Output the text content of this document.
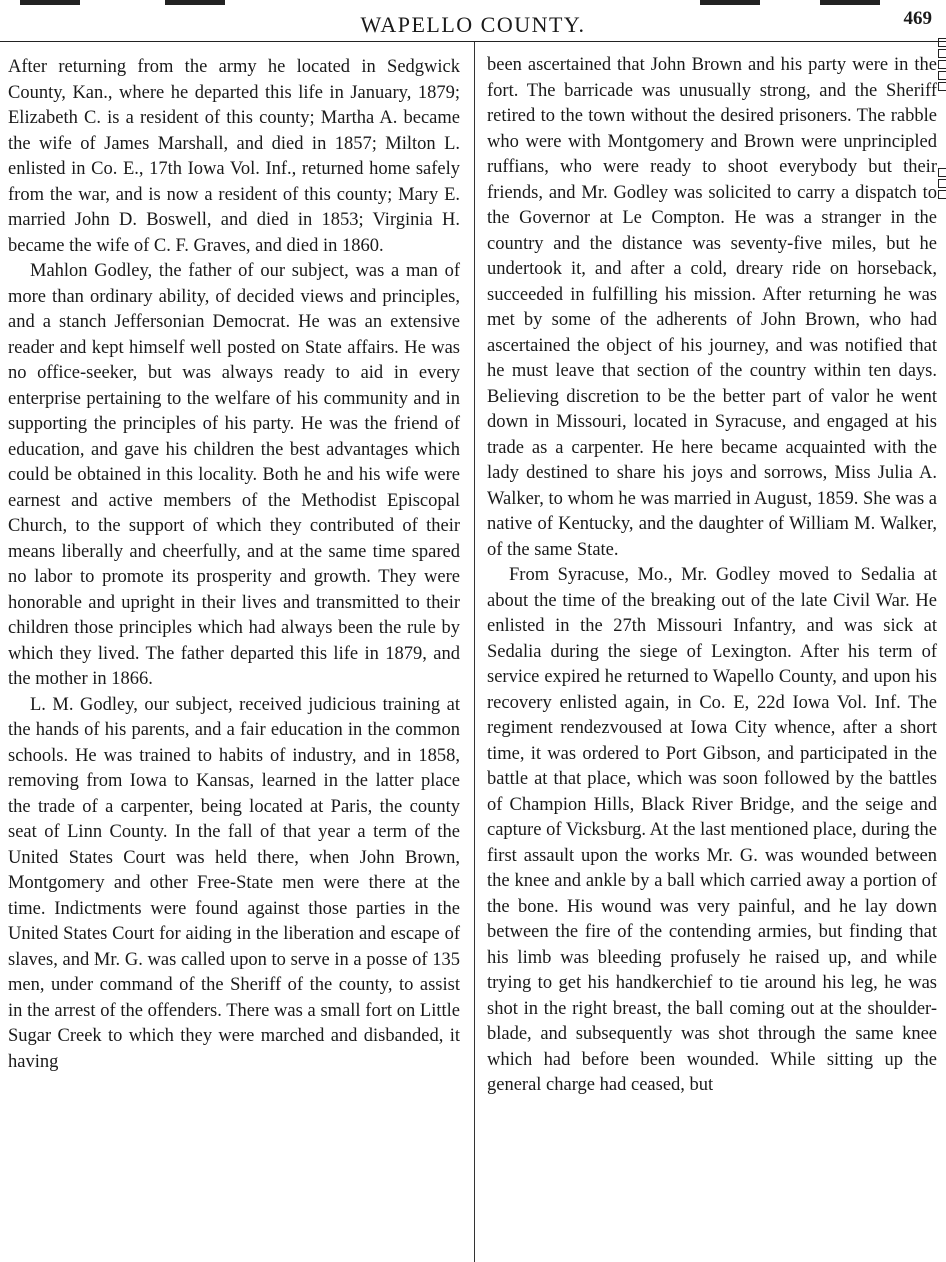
WAPELLO COUNTY.	469

After returning from the army he located in Sedgwick County, Kan., where he departed this life in January, 1879; Elizabeth C. is a resident of this county; Martha A. became the wife of James Marshall, and died in 1857; Milton L. enlisted in Co. E., 17th Iowa Vol. Inf., returned home safely from the war, and is now a resident of this county; Mary E. married John D. Boswell, and died in 1853; Virginia H. became the wife of C. F. Graves, and died in 1860.

Mahlon Godley, the father of our subject, was a man of more than ordinary ability, of decided views and principles, and a stanch Jeffersonian Democrat. He was an extensive reader and kept himself well posted on State affairs. He was no office-seeker, but was always ready to aid in every enterprise pertaining to the welfare of his community and in supporting the principles of his party. He was the friend of education, and gave his children the best advantages which could be obtained in this locality. Both he and his wife were earnest and active members of the Methodist Episcopal Church, to the support of which they contributed of their means liberally and cheerfully, and at the same time spared no labor to promote its prosperity and growth. They were honorable and upright in their lives and transmitted to their children those principles which had always been the rule by which they lived. The father departed this life in 1879, and the mother in 1866.

L. M. Godley, our subject, received judicious training at the hands of his parents, and a fair education in the common schools. He was trained to habits of industry, and in 1858, removing from Iowa to Kansas, learned in the latter place the trade of a carpenter, being located at Paris, the county seat of Linn County. In the fall of that year a term of the United States Court was held there, when John Brown, Montgomery and other Free-State men were there at the time. Indictments were found against those parties in the United States Court for aiding in the liberation and escape of slaves, and Mr. G. was called upon to serve in a posse of 135 men, under command of the Sheriff of the county, to assist in the arrest of the offenders. There was a small fort on Little Sugar Creek to which they were marched and disbanded, it having

been ascertained that John Brown and his party were in the fort. The barricade was unusually strong, and the Sheriff retired to the town without the desired prisoners. The rabble who were with Montgomery and Brown were unprincipled ruffians, who were ready to shoot everybody but their friends, and Mr. Godley was solicited to carry a dispatch to the Governor at Le Compton. He was a stranger in the country and the distance was seventy-five miles, but he undertook it, and after a cold, dreary ride on horseback, succeeded in fulfilling his mission. After returning he was met by some of the adherents of John Brown, who had ascertained the object of his journey, and was notified that he must leave that section of the country within ten days. Believing discretion to be the better part of valor he went down in Missouri, located in Syracuse, and engaged at his trade as a carpenter. He here became acquainted with the lady destined to share his joys and sorrows, Miss Julia A. Walker, to whom he was married in August, 1859. She was a native of Kentucky, and the daughter of William M. Walker, of the same State.

From Syracuse, Mo., Mr. Godley moved to Sedalia at about the time of the breaking out of the late Civil War. He enlisted in the 27th Missouri Infantry, and was sick at Sedalia during the siege of Lexington. After his term of service expired he returned to Wapello County, and upon his recovery enlisted again, in Co. E, 22d Iowa Vol. Inf. The regiment rendezvoused at Iowa City whence, after a short time, it was ordered to Port Gibson, and participated in the battle at that place, which was soon followed by the battles of Champion Hills, Black River Bridge, and the seige and capture of Vicksburg. At the last mentioned place, during the first assault upon the works Mr. G. was wounded between the knee and ankle by a ball which carried away a portion of the bone. His wound was very painful, and he lay down between the fire of the contending armies, but finding that his limb was bleeding profusely he raised up, and while trying to get his handkerchief to tie around his leg, he was shot in the right breast, the ball coming out at the shoulder-blade, and subsequently was shot through the same knee which had before been wounded. While sitting up the general charge had ceased, but
